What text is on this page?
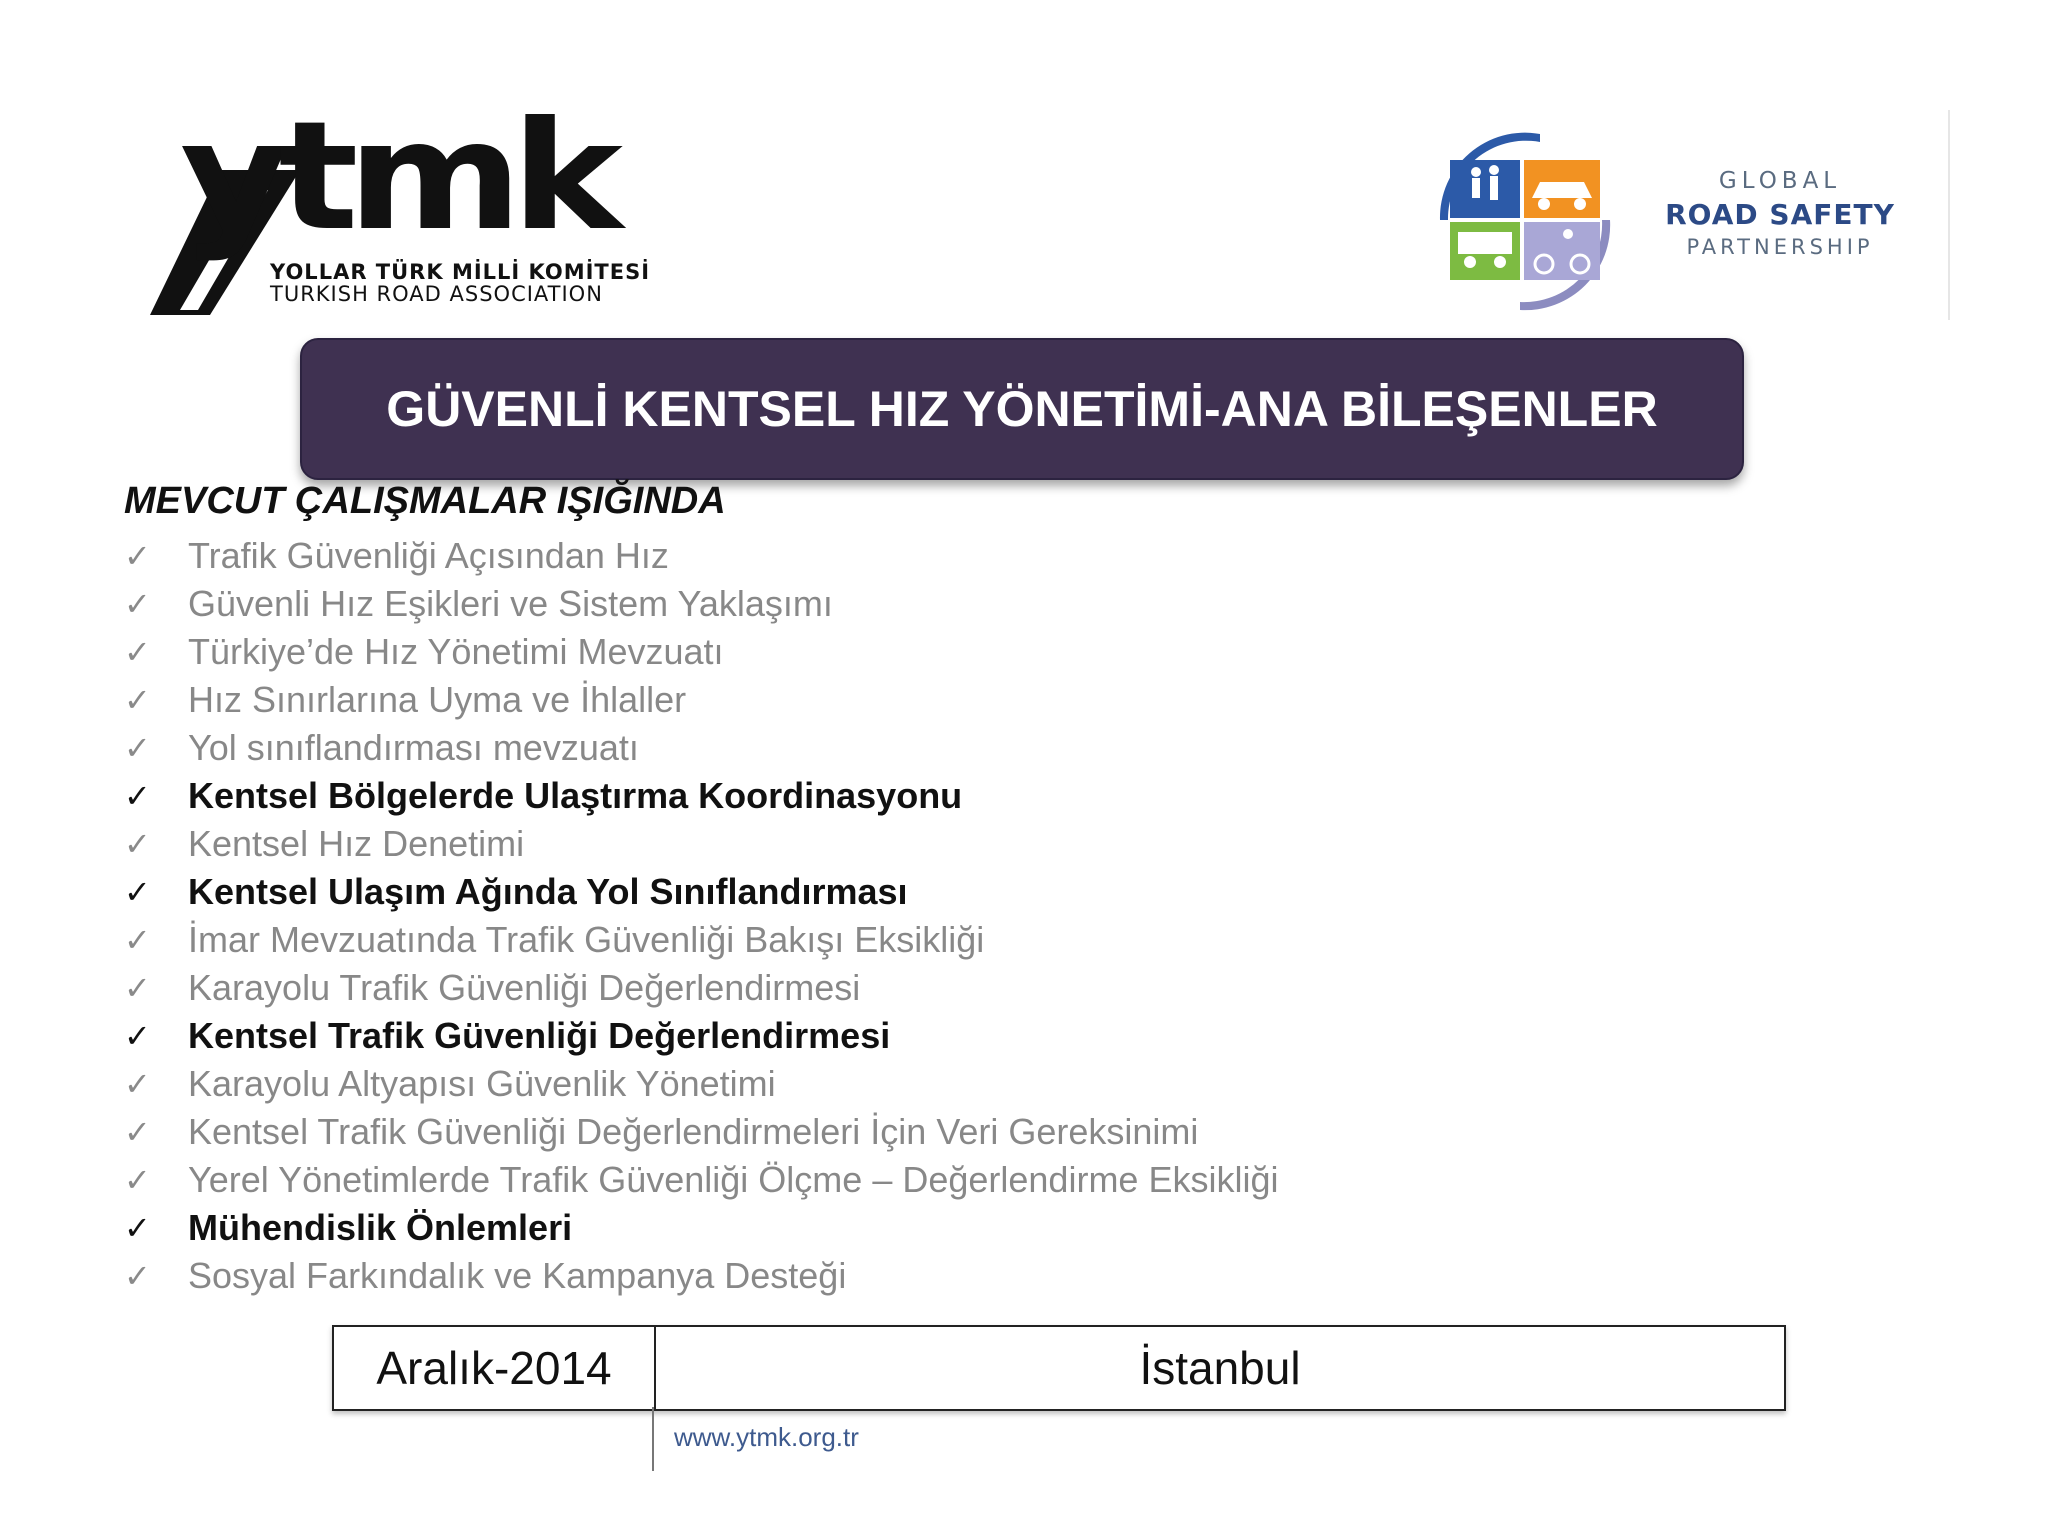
ytmk
YOLLAR TÜRK MİLLİ KOMİTESİ
TURKISH ROAD ASSOCIATION
GLOBAL
ROAD SAFETY
PARTNERSHIP
GÜVENLİ KENTSEL HIZ YÖNETİMİ-ANA BİLEŞENLER
MEVCUT ÇALIŞMALAR IŞIĞINDA
✓	Trafik Güvenliği Açısından Hız
✓	Güvenli Hız Eşikleri ve Sistem Yaklaşımı
✓	Türkiye’de Hız Yönetimi Mevzuatı
✓	Hız Sınırlarına Uyma ve İhlaller
✓	Yol sınıflandırması mevzuatı
✓	Kentsel Bölgelerde Ulaştırma Koordinasyonu
✓	Kentsel Hız Denetimi
✓	Kentsel Ulaşım Ağında Yol Sınıflandırması
✓	İmar Mevzuatında Trafik Güvenliği Bakışı Eksikliği
✓	Karayolu Trafik Güvenliği Değerlendirmesi
✓	Kentsel Trafik Güvenliği Değerlendirmesi
✓	Karayolu Altyapısı Güvenlik Yönetimi
✓	Kentsel Trafik Güvenliği Değerlendirmeleri İçin Veri Gereksinimi
✓	Yerel Yönetimlerde Trafik Güvenliği Ölçme – Değerlendirme Eksikliği
✓	Mühendislik Önlemleri
✓	Sosyal Farkındalık ve Kampanya Desteği
Aralık-2014	İstanbul
www.ytmk.org.tr
